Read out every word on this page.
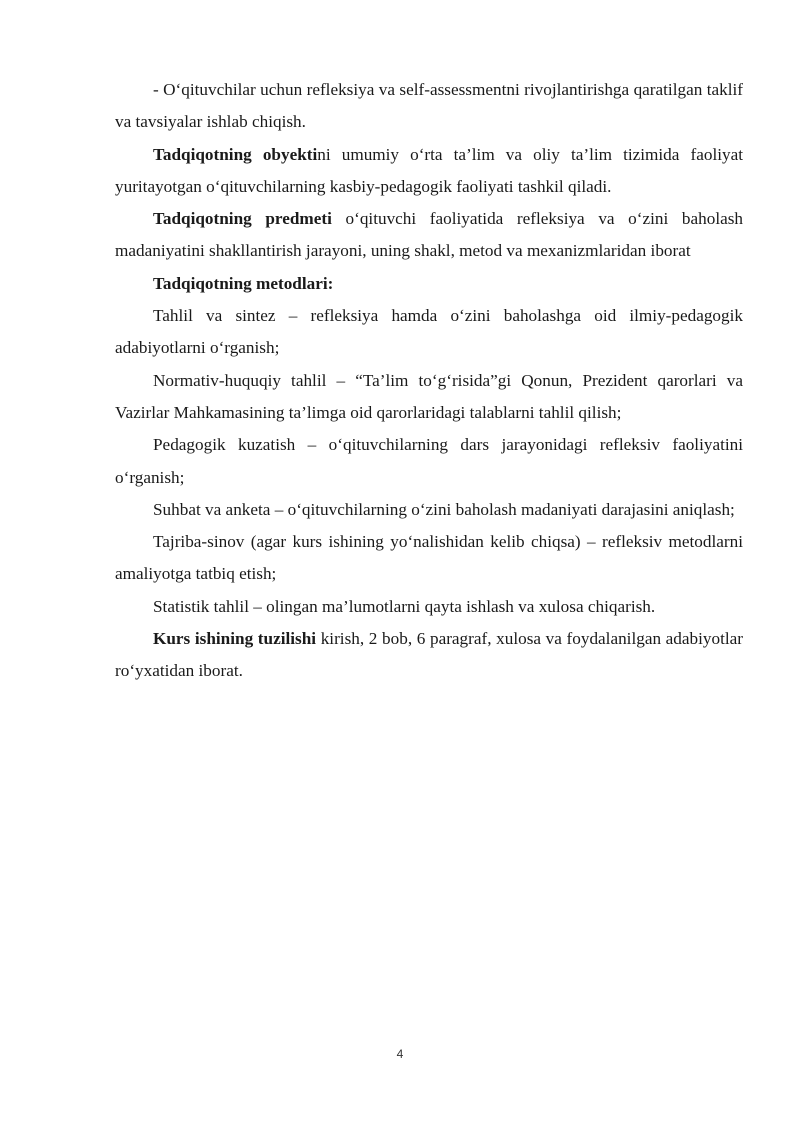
- O‘qituvchilar uchun refleksiya va self-assessmentni rivojlantirishga qaratilgan taklif va tavsiyalar ishlab chiqish.

Tadqiqotning obyektini umumiy o‘rta ta’lim va oliy ta’lim tizimida faoliyat yuritayotgan o‘qituvchilarning kasbiy-pedagogik faoliyati tashkil qiladi.

Tadqiqotning predmeti o‘qituvchi faoliyatida refleksiya va o‘zini baholash madaniyatini shakllantirish jarayoni, uning shakl, metod va mexanizmlaridan iborat

Tadqiqotning metodlari:

Tahlil va sintez – refleksiya hamda o‘zini baholashga oid ilmiy-pedagogik adabiyotlarni o‘rganish;

Normativ-huquqiy tahlil – “Ta’lim to‘g‘risida”gi Qonun, Prezident qarorlari va Vazirlar Mahkamasining ta’limga oid qarorlaridagi talablarni tahlil qilish;

Pedagogik kuzatish – o‘qituvchilarning dars jarayonidagi refleksiv faoliyatini o‘rganish;

Suhbat va anketa – o‘qituvchilarning o‘zini baholash madaniyati darajasini aniqlash;

Tajriba-sinov (agar kurs ishining yo‘nalishidan kelib chiqsa) – refleksiv metodlarni amaliyotga tatbiq etish;

Statistik tahlil – olingan ma’lumotlarni qayta ishlash va xulosa chiqarish.

Kurs ishining tuzilishi kirish, 2 bob, 6 paragraf, xulosa va foydalanilgan adabiyotlar ro‘yxatidan iborat.

4
